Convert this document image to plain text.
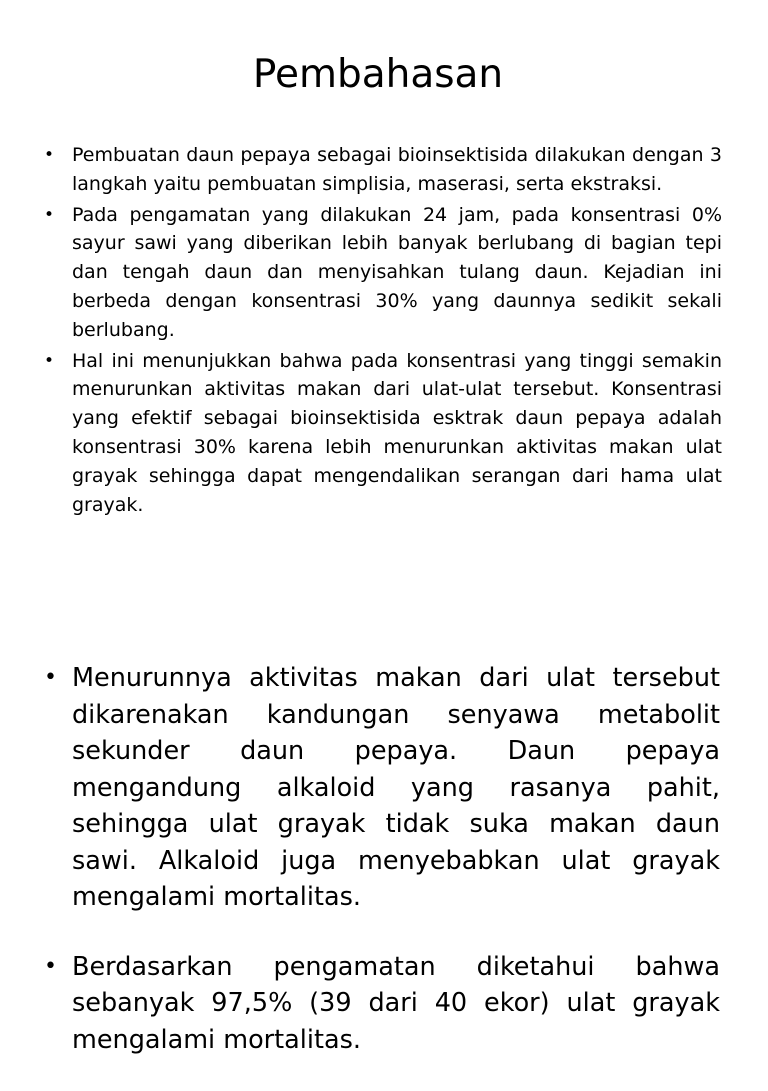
Pembahasan
• Pembuatan daun pepaya sebagai bioinsektisida dilakukan dengan 3 langkah yaitu pembuatan simplisia, maserasi, serta ekstraksi.
• Pada pengamatan yang dilakukan 24 jam, pada konsentrasi 0% sayur sawi yang diberikan lebih banyak berlubang di bagian tepi dan tengah daun dan menyisahkan tulang daun. Kejadian ini berbeda dengan konsentrasi 30% yang daunnya sedikit sekali berlubang.
• Hal ini menunjukkan bahwa pada konsentrasi yang tinggi semakin menurunkan aktivitas makan dari ulat-ulat tersebut. Konsentrasi yang efektif sebagai bioinsektisida esktrak daun pepaya adalah konsentrasi 30% karena lebih menurunkan aktivitas makan ulat grayak sehingga dapat mengendalikan serangan dari hama ulat grayak.
• Menurunnya aktivitas makan dari ulat tersebut dikarenakan kandungan senyawa metabolit sekunder daun pepaya. Daun pepaya mengandung alkaloid yang rasanya pahit, sehingga ulat grayak tidak suka makan daun sawi. Alkaloid juga menyebabkan ulat grayak mengalami mortalitas.
• Berdasarkan pengamatan diketahui bahwa sebanyak 97,5% (39 dari 40 ekor) ulat grayak mengalami mortalitas.
